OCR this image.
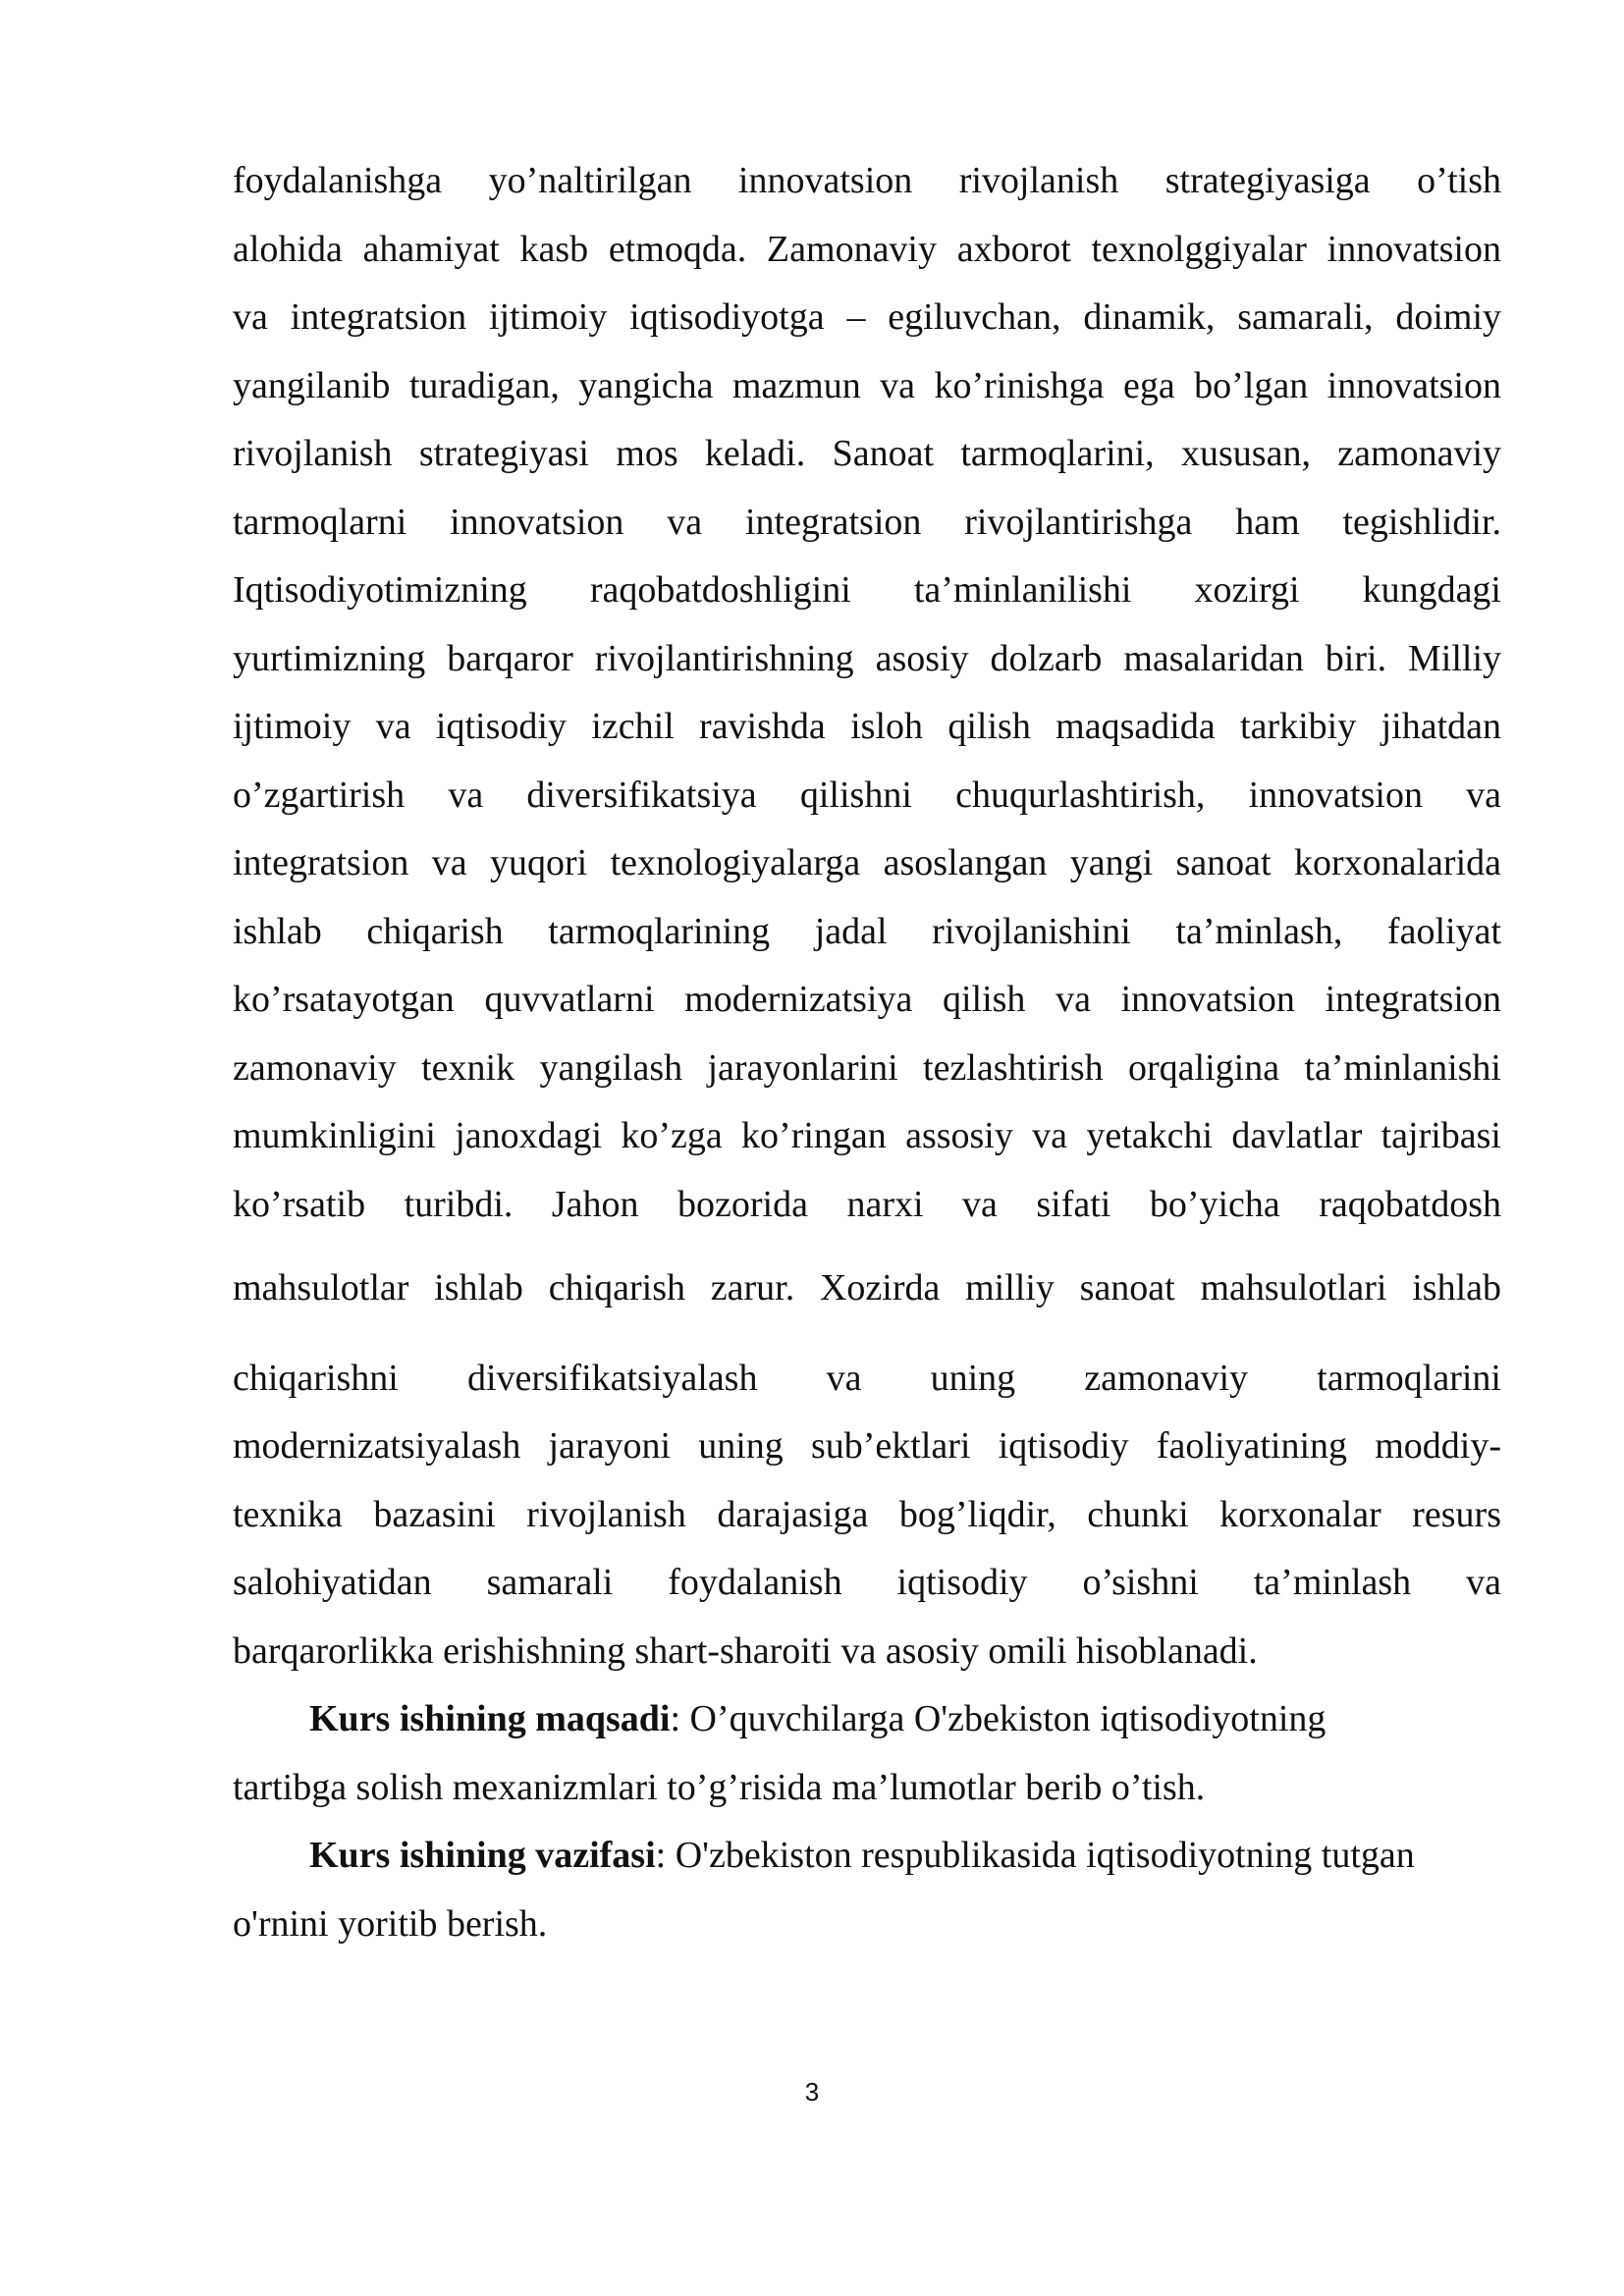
foydalanishga yo’naltirilgan innovatsion rivojlanish strategiyasiga o’tish
alohida ahamiyat kasb etmoqda. Zamonaviy axborot texnolggiyalar innovatsion
va integratsion ijtimoiy iqtisodiyotga – egiluvchan, dinamik, samarali, doimiy
yangilanib turadigan, yangicha mazmun va ko’rinishga ega bo’lgan innovatsion
rivojlanish strategiyasi mos keladi. Sanoat tarmoqlarini, xususan, zamonaviy
tarmoqlarni innovatsion va integratsion rivojlantirishga ham tegishlidir.
Iqtisodiyotimizning raqobatdoshligini ta’minlanilishi xozirgi kungdagi
yurtimizning barqaror rivojlantirishning asosiy dolzarb masalaridan biri. Milliy
ijtimoiy va iqtisodiy izchil ravishda isloh qilish maqsadida tarkibiy jihatdan
o’zgartirish va diversifikatsiya qilishni chuqurlashtirish, innovatsion va
integratsion va yuqori texnologiyalarga asoslangan yangi sanoat korxonalarida
ishlab chiqarish tarmoqlarining jadal rivojlanishini ta’minlash, faoliyat
ko’rsatayotgan quvvatlarni modernizatsiya qilish va innovatsion integratsion
zamonaviy texnik yangilash jarayonlarini tezlashtirish orqaligina ta’minlanishi
mumkinligini janoxdagi ko’zga ko’ringan assosiy va yetakchi davlatlar tajribasi
ko’rsatib turibdi. Jahon bozorida narxi va sifati bo’yicha raqobatdosh
mahsulotlar ishlab chiqarish zarur. Xozirda milliy sanoat mahsulotlari ishlab
chiqarishni diversifikatsiyalash va uning zamonaviy tarmoqlarini
modernizatsiyalash jarayoni uning sub’ektlari iqtisodiy faoliyatining moddiy-
texnika bazasini rivojlanish darajasiga bog’liqdir, chunki korxonalar resurs
salohiyatidan samarali foydalanish iqtisodiy o’sishni ta’minlash va
barqarorlikka erishishning shart-sharoiti va asosiy omili hisoblanadi.

Kurs ishining maqsadi: O’quvchilarga O'zbekiston iqtisodiyotning
tartibga solish mexanizmlari to’g’risida ma’lumotlar berib o’tish.

Kurs ishining vazifasi: O'zbekiston respublikasida iqtisodiyotning tutgan
o'rnini yoritib berish.

3
